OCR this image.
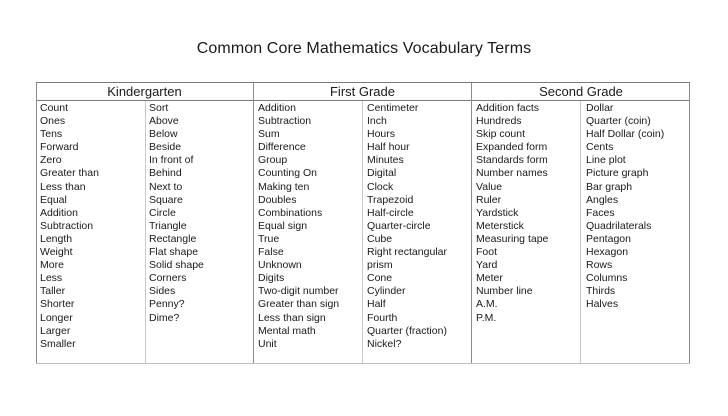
Common Core Mathematics Vocabulary Terms
Kindergarten	First Grade	Second Grade
Count
Ones
Tens
Forward
Zero
Greater than
Less than
Equal
Addition
Subtraction
Length
Weight
More
Less
Taller
Shorter
Longer
Larger
Smaller
Sort
Above
Below
Beside
In front of
Behind
Next to
Square
Circle
Triangle
Rectangle
Flat shape
Solid shape
Corners
Sides
Penny?
Dime?
Addition
Subtraction
Sum
Difference
Group
Counting On
Making ten
Doubles
Combinations
Equal sign
True
False
Unknown
Digits
Two-digit number
Greater than sign
Less than sign
Mental math
Unit
Centimeter
Inch
Hours
Half hour
Minutes
Digital
Clock
Trapezoid
Half-circle
Quarter-circle
Cube
Right rectangular
prism
Cone
Cylinder
Half
Fourth
Quarter (fraction)
Nickel?
Addition facts
Hundreds
Skip count
Expanded form
Standards form
Number names
Value
Ruler
Yardstick
Meterstick
Measuring tape
Foot
Yard
Meter
Number line
A.M.
P.M.
Dollar
Quarter (coin)
Half Dollar (coin)
Cents
Line plot
Picture graph
Bar graph
Angles
Faces
Quadrilaterals
Pentagon
Hexagon
Rows
Columns
Thirds
Halves
